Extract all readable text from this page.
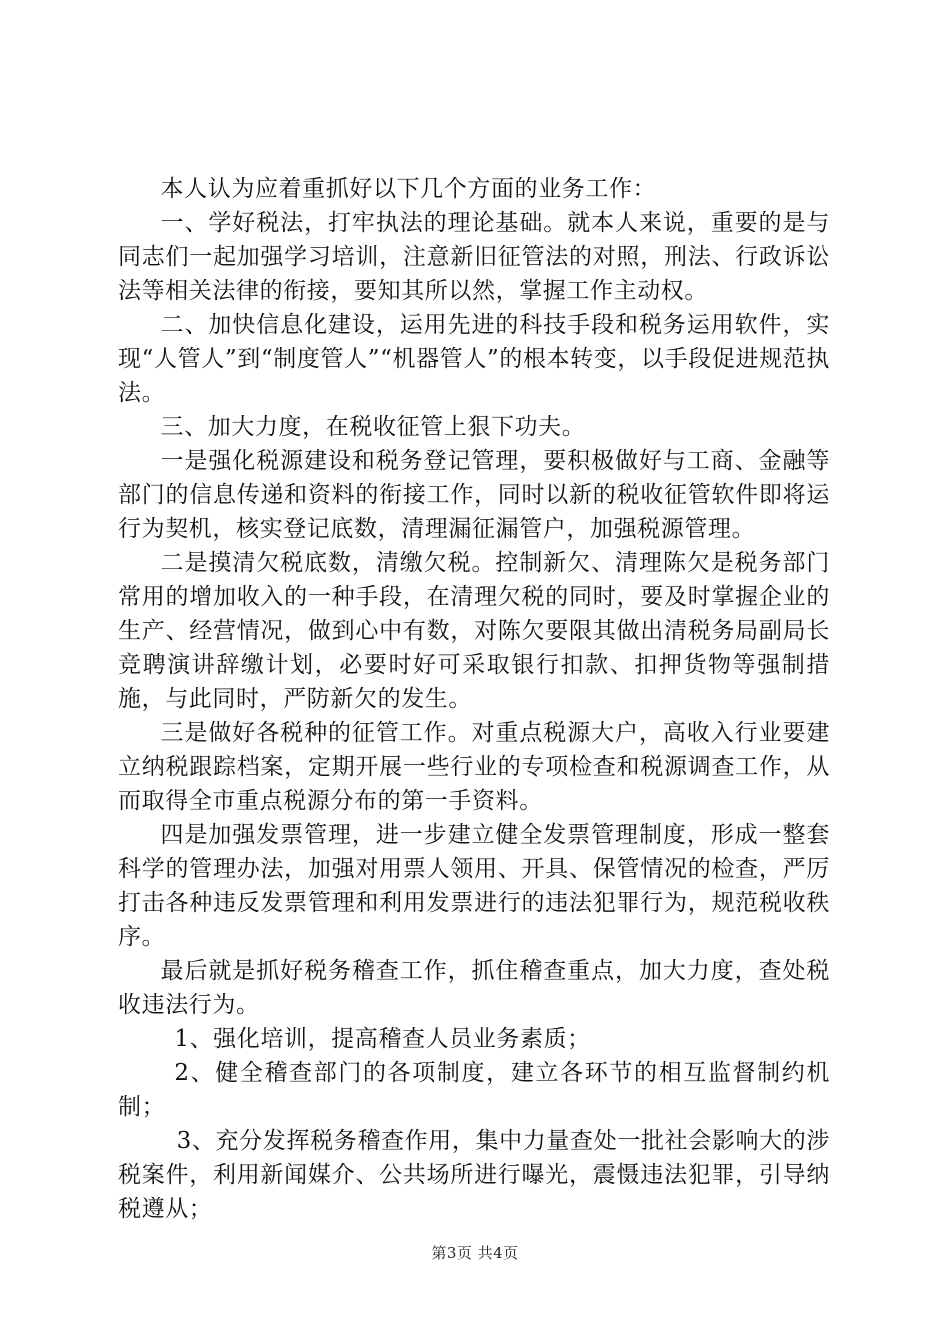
本人认为应着重抓好以下几个方面的业务工作：

一、学好税法，打牢执法的理论基础。就本人来说，重要的是与同志们一起加强学习培训，注意新旧征管法的对照，刑法、行政诉讼法等相关法律的衔接，要知其所以然，掌握工作主动权。

二、加快信息化建设，运用先进的科技手段和税务运用软件，实现“人管人”到“制度管人”“机器管人”的根本转变，以手段促进规范执法。

三、加大力度，在税收征管上狠下功夫。

一是强化税源建设和税务登记管理，要积极做好与工商、金融等部门的信息传递和资料的衔接工作，同时以新的税收征管软件即将运行为契机，核实登记底数，清理漏征漏管户，加强税源管理。

二是摸清欠税底数，清缴欠税。控制新欠、清理陈欠是税务部门常用的增加收入的一种手段，在清理欠税的同时，要及时掌握企业的生产、经营情况，做到心中有数，对陈欠要限其做出清税务局副局长竞聘演讲辞缴计划，必要时好可采取银行扣款、扣押货物等强制措施，与此同时，严防新欠的发生。

三是做好各税种的征管工作。对重点税源大户，高收入行业要建立纳税跟踪档案，定期开展一些行业的专项检查和税源调查工作，从而取得全市重点税源分布的第一手资料。

四是加强发票管理，进一步建立健全发票管理制度，形成一整套科学的管理办法，加强对用票人领用、开具、保管情况的检查，严厉打击各种违反发票管理和利用发票进行的违法犯罪行为，规范税收秩序。

最后就是抓好税务稽查工作，抓住稽查重点，加大力度，查处税收违法行为。

1、强化培训，提高稽查人员业务素质；

2、健全稽查部门的各项制度，建立各环节的相互监督制约机制；

3、充分发挥税务稽查作用，集中力量查处一批社会影响大的涉税案件，利用新闻媒介、公共场所进行曝光，震慑违法犯罪，引导纳税遵从；

第3页 共4页
